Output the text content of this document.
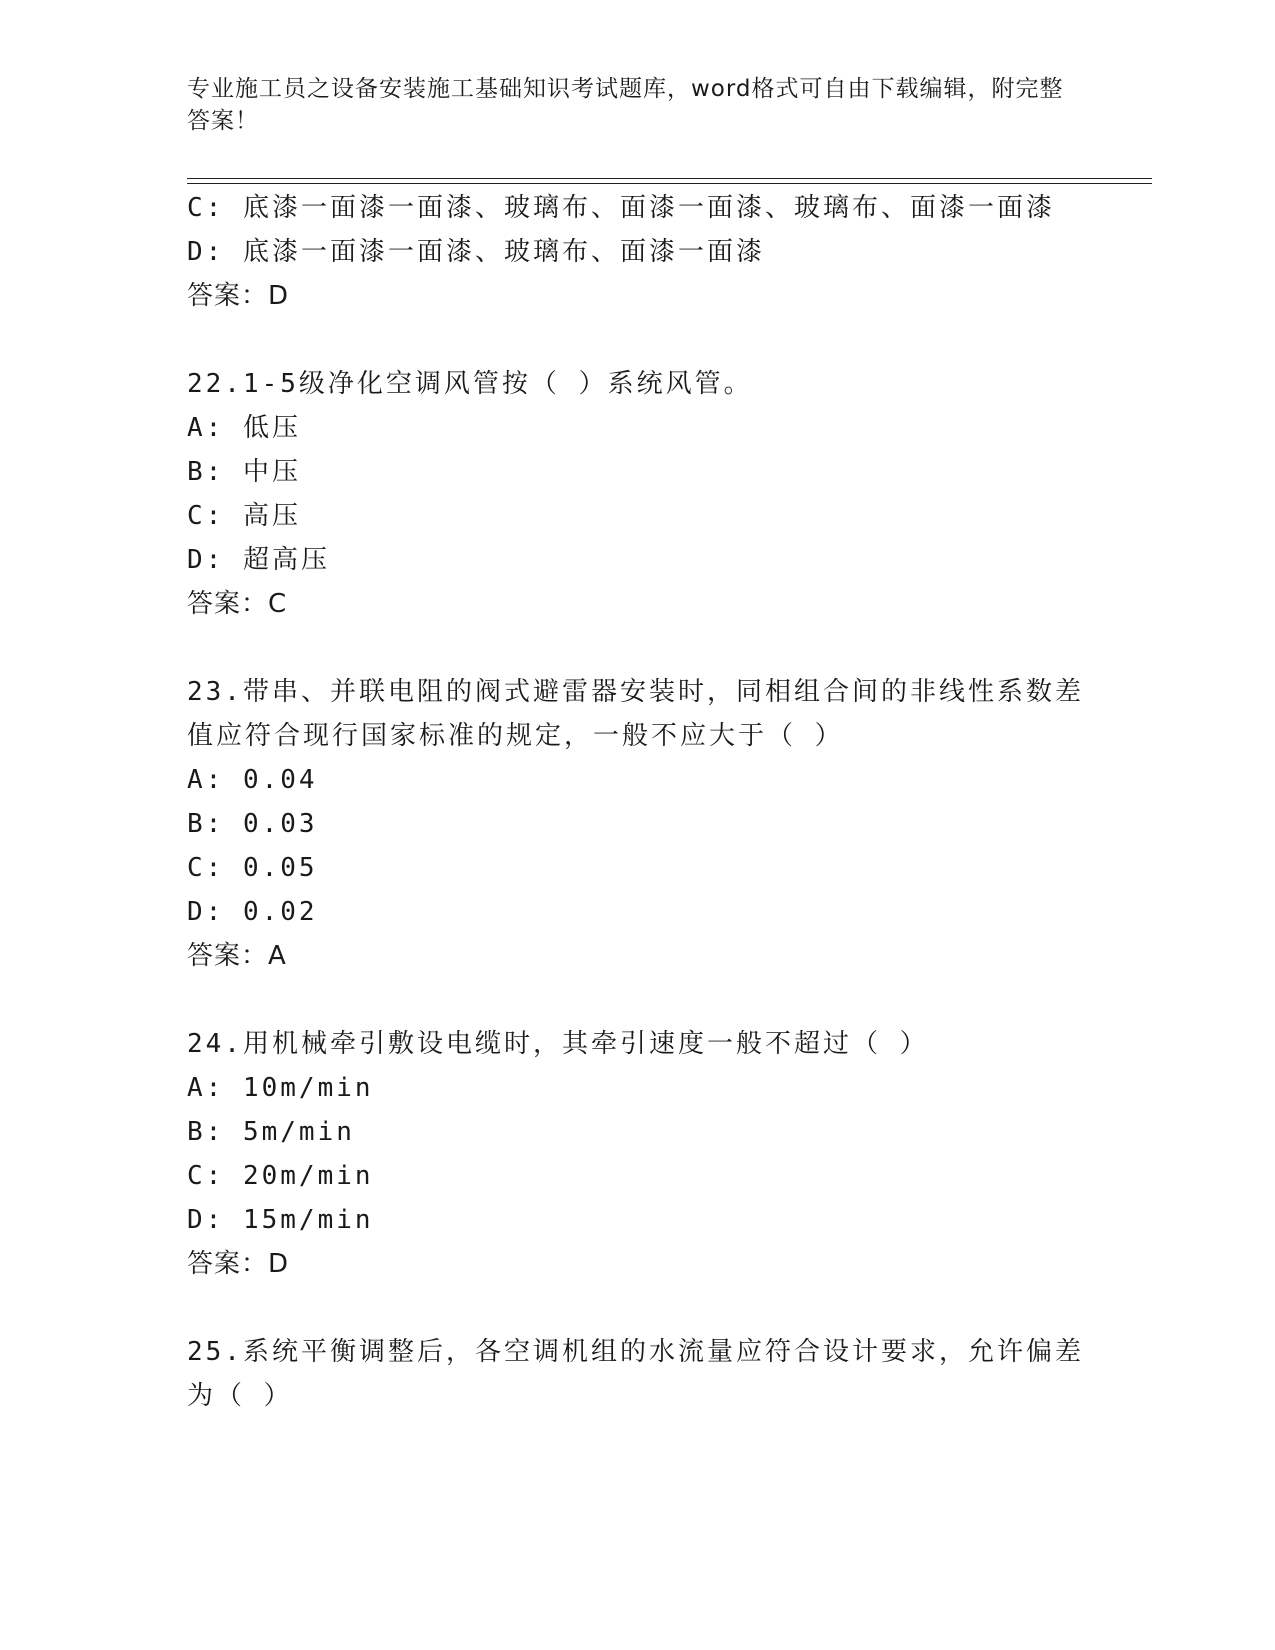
专业施工员之设备安装施工基础知识考试题库，word格式可自由下载编辑，附完整答案！
C: 底漆一面漆一面漆、玻璃布、面漆一面漆、玻璃布、面漆一面漆
D: 底漆一面漆一面漆、玻璃布、面漆一面漆
答案：D
22.1-5级净化空调风管按（ ）系统风管。
A: 低压
B: 中压
C: 高压
D: 超高压
答案：C
23.带串、并联电阻的阀式避雷器安装时，同相组合间的非线性系数差
值应符合现行国家标准的规定，一般不应大于（ ）
A: 0.04
B: 0.03
C: 0.05
D: 0.02
答案：A
24.用机械牵引敷设电缆时，其牵引速度一般不超过（ ）
A: 10m/min
B: 5m/min
C: 20m/min
D: 15m/min
答案：D
25.系统平衡调整后，各空调机组的水流量应符合设计要求，允许偏差
为（ ）
